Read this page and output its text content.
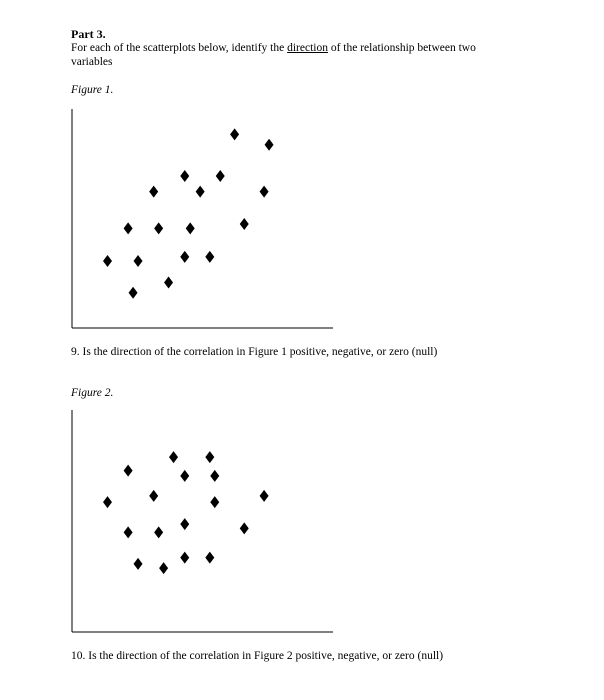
Part 3.
For each of the scatterplots below, identify the direction of the relationship between two variables
Figure 1.
9. Is the direction of the correlation in Figure 1 positive, negative, or zero (null)
Figure 2.
10. Is the direction of the correlation in Figure 2 positive, negative, or zero (null)
